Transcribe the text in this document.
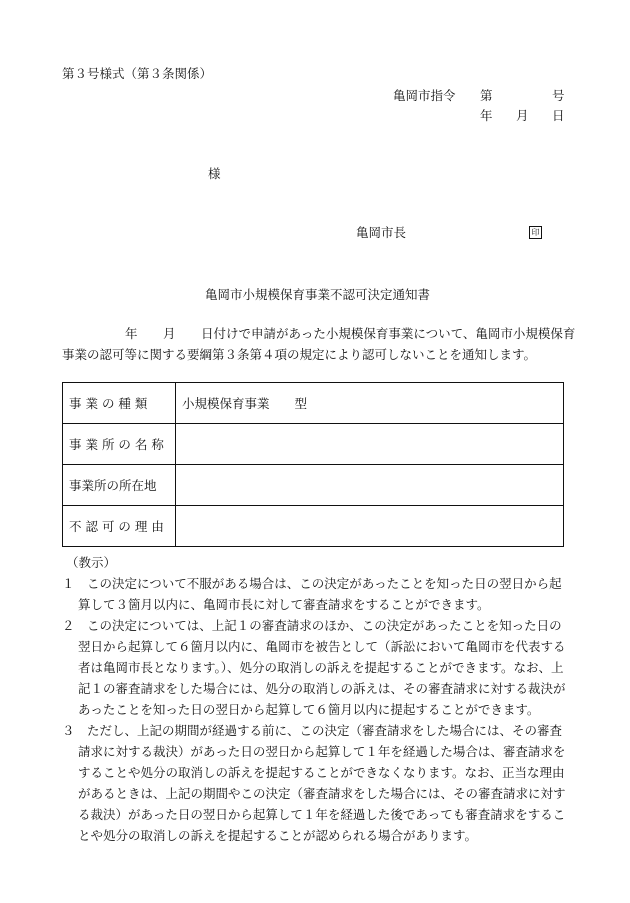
第３号様式（第３条関係）
亀岡市指令 第	号
年 月 日
様
亀岡市長	印
亀岡市小規模保育事業不認可決定通知書
年 月 日付けで申請があった小規模保育事業について、亀岡市小規模保育
事業の認可等に関する要綱第３条第４項の規定により認可しないことを通知します。
事 業 の 種 類	小規模保育事業　　型
事 業 所 の 名 称	
事業所の所在地	
不 認 可 の 理 由	
（教示）

１　この決定について不服がある場合は、この決定があったことを知った日の翌日から起算して３箇月以内に、亀岡市長に対して審査請求をすることができます。

２　この決定については、上記１の審査請求のほか、この決定があったことを知った日の翌日から起算して６箇月以内に、亀岡市を被告として（訴訟において亀岡市を代表する者は亀岡市長となります。）、処分の取消しの訴えを提起することができます。なお、上記１の審査請求をした場合には、処分の取消しの訴えは、その審査請求に対する裁決があったことを知った日の翌日から起算して６箇月以内に提起することができます。

３　ただし、上記の期間が経過する前に、この決定（審査請求をした場合には、その審査請求に対する裁決）があった日の翌日から起算して１年を経過した場合は、審査請求をすることや処分の取消しの訴えを提起することができなくなります。なお、正当な理由があるときは、上記の期間やこの決定（審査請求をした場合には、その審査請求に対する裁決）があった日の翌日から起算して１年を経過した後であっても審査請求をすることや処分の取消しの訴えを提起することが認められる場合があります。
